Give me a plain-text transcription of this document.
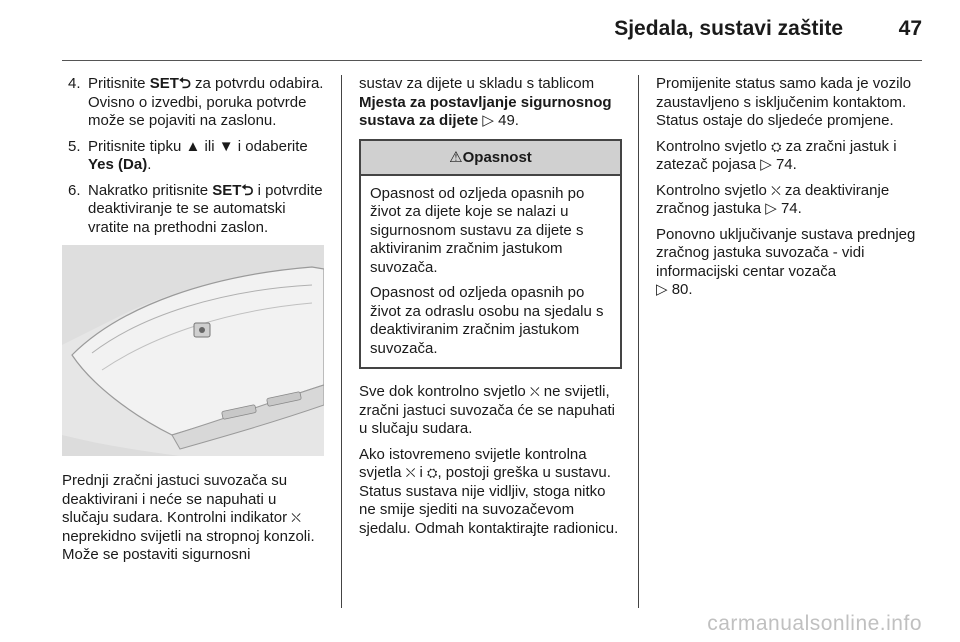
Sjedala, sustavi zaštite	47
4. Pritisnite SET⮌ za potvrdu odabira. Ovisno o izvedbi, poruka potvrde može se pojaviti na zaslonu.
5. Pritisnite tipku ▲ ili ▼ i odaberite Yes (Da).
6. Nakratko pritisnite SET⮌ i potvrdite deaktiviranje te se automatski vratite na prethodni zaslon.

Prednji zračni jastuci suvozača su deaktivirani i neće se napuhati u slučaju sudara. Kontrolni indikator ⛌ neprekidno svijetli na stropnoj konzoli. Može se postaviti sigurnosni

sustav za dijete u skladu s tablicom Mjesta za postavljanje sigurnosnog sustava za dijete ▷ 49.

⚠Opasnost

Opasnost od ozljeda opasnih po život za dijete koje se nalazi u sigurnosnom sustavu za dijete s aktiviranim zračnim jastukom suvozača.

Opasnost od ozljeda opasnih po život za odraslu osobu na sjedalu s deaktiviranim zračnim jastukom suvozača.

Sve dok kontrolno svjetlo ⛌ ne svijetli, zračni jastuci suvozača će se napuhati u slučaju sudara.

Ako istovremeno svijetle kontrolna svjetla ⛌ i ⛭, postoji greška u sustavu. Status sustava nije vidljiv, stoga nitko ne smije sjediti na suvozačevom sjedalu. Odmah kontaktirajte radionicu.

Promijenite status samo kada je vozilo zaustavljeno s isključenim kontaktom. Status ostaje do sljedeće promjene.

Kontrolno svjetlo ⛭ za zračni jastuk i zatezač pojasa ▷ 74.

Kontrolno svjetlo ⛌ za deaktiviranje zračnog jastuka ▷ 74.

Ponovno uključivanje sustava prednjeg zračnog jastuka suvozača - vidi informacijski centar vozača
▷ 80.

carmanualsonline.info
